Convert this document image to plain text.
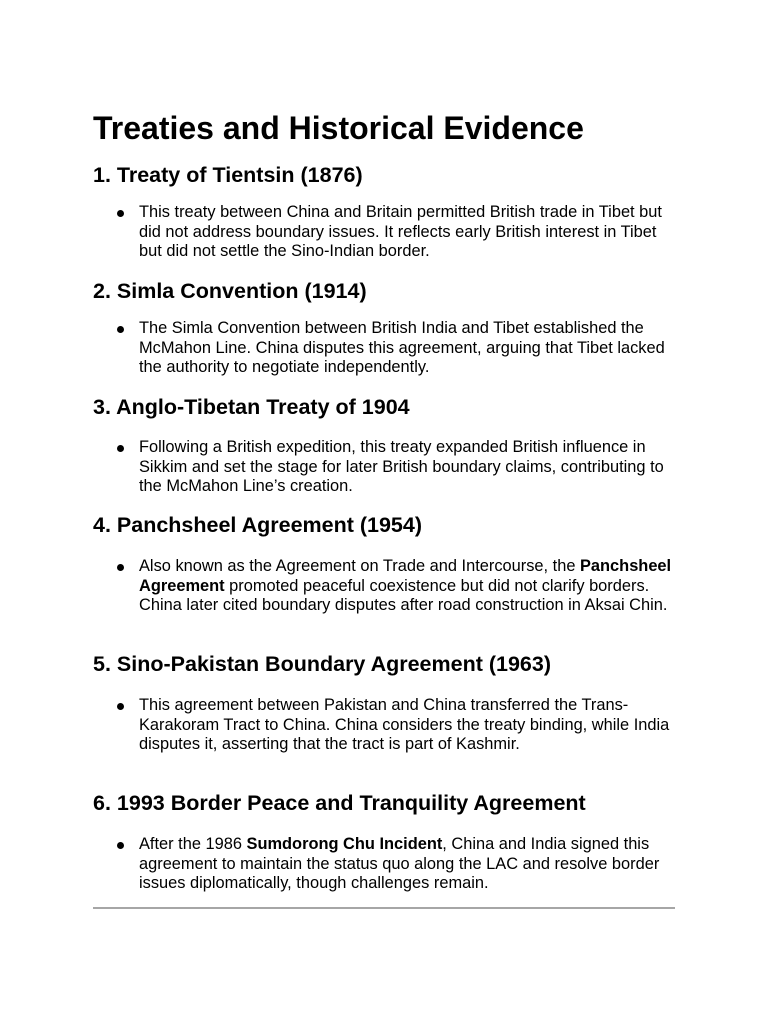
Treaties and Historical Evidence
1. Treaty of Tientsin (1876)
This treaty between China and Britain permitted British trade in Tibet but did not address boundary issues. It reflects early British interest in Tibet but did not settle the Sino-Indian border.
2. Simla Convention (1914)
The Simla Convention between British India and Tibet established the McMahon Line. China disputes this agreement, arguing that Tibet lacked the authority to negotiate independently.
3. Anglo-Tibetan Treaty of 1904
Following a British expedition, this treaty expanded British influence in Sikkim and set the stage for later British boundary claims, contributing to the McMahon Line’s creation.
4. Panchsheel Agreement (1954)
Also known as the Agreement on Trade and Intercourse, the Panchsheel Agreement promoted peaceful coexistence but did not clarify borders. China later cited boundary disputes after road construction in Aksai Chin.
5. Sino-Pakistan Boundary Agreement (1963)
This agreement between Pakistan and China transferred the Trans-Karakoram Tract to China. China considers the treaty binding, while India disputes it, asserting that the tract is part of Kashmir.
6. 1993 Border Peace and Tranquility Agreement
After the 1986 Sumdorong Chu Incident, China and India signed this agreement to maintain the status quo along the LAC and resolve border issues diplomatically, though challenges remain.
